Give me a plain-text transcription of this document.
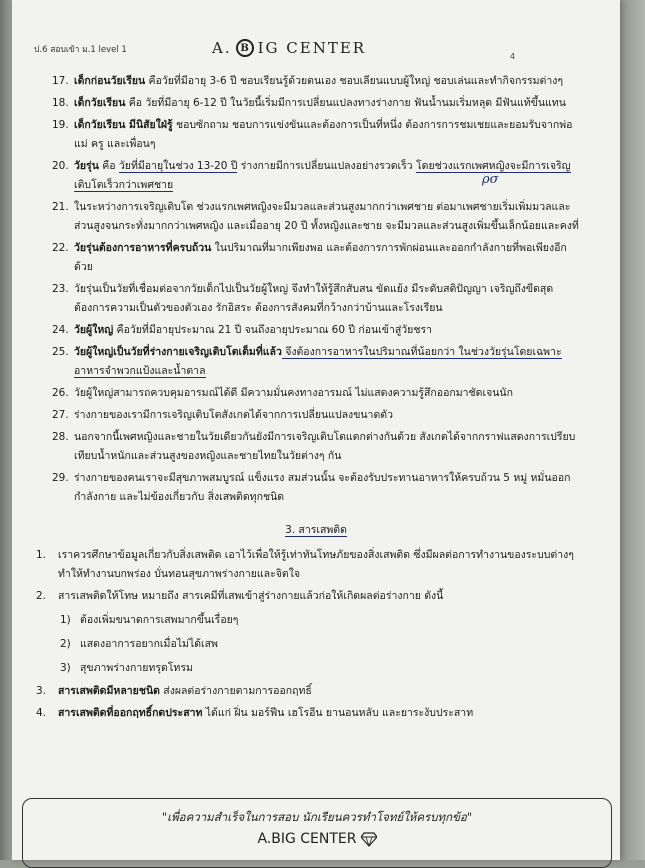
ป.6 สอบเข้า ม.1 level 1	A. B IG CENTER	4
ρσ
17. เด็กก่อนวัยเรียน คือวัยที่มีอายุ 3-6 ปี ชอบเรียนรู้ด้วยตนเอง ชอบเลียนแบบผู้ใหญ่ ชอบเล่นและทำกิจกรรมต่างๆ
18. เด็กวัยเรียน คือ วัยที่มีอายุ 6-12 ปี ในวัยนี้เริ่มมีการเปลี่ยนแปลงทางร่างกาย ฟันน้ำนมเริ่มหลุด มีฟันแท้ขึ้นแทน
19. เด็กวัยเรียน มีนิสัยใฝ่รู้ ชอบซักถาม ชอบการแข่งขันและต้องการเป็นที่หนึ่ง ต้องการการชมเชยและยอมรับจากพ่อแม่ ครู และเพื่อนๆ
20. วัยรุ่น คือ วัยที่มีอายุในช่วง 13-20 ปี ร่างกายมีการเปลี่ยนแปลงอย่างรวดเร็ว โดยช่วงแรกเพศหญิงจะมีการเจริญเติบโตเร็วกว่าเพศชาย
21. ในระหว่างการเจริญเติบโต ช่วงแรกเพศหญิงจะมีมวลและส่วนสูงมากกว่าเพศชาย ต่อมาเพศชายเริ่มเพิ่มมวลและส่วนสูงจนกระทั่งมากกว่าเพศหญิง และเมื่ออายุ 20 ปี ทั้งหญิงและชาย จะมีมวลและส่วนสูงเพิ่มขึ้นเล็กน้อยและคงที่
22. วัยรุ่นต้องการอาหารที่ครบถ้วน ในปริมาณที่มากเพียงพอ และต้องการการพักผ่อนและออกกำลังกายที่พอเพียงอีกด้วย
23. วัยรุ่นเป็นวัยที่เชื่อมต่อจากวัยเด็กไปเป็นวัยผู้ใหญ่ จึงทำให้รู้สึกสับสน ขัดแย้ง มีระดับสติปัญญา เจริญถึงขีดสุด ต้องการความเป็นตัวของตัวเอง รักอิสระ ต้องการสังคมที่กว้างกว่าบ้านและโรงเรียน
24. วัยผู้ใหญ่ คือวัยที่มีอายุประมาณ 21 ปี จนถึงอายุประมาณ 60 ปี ก่อนเข้าสู่วัยชรา
25. วัยผู้ใหญ่เป็นวัยที่ร่างกายเจริญเติบโตเต็มที่แล้ว จึงต้องการอาหารในปริมาณที่น้อยกว่า ในช่วงวัยรุ่นโดยเฉพาะอาหารจำพวกแป้งและน้ำตาล
26. วัยผู้ใหญ่สามารถควบคุมอารมณ์ได้ดี มีความมั่นคงทางอารมณ์ ไม่แสดงความรู้สึกออกมาชัดเจนนัก
27. ร่างกายของเรามีการเจริญเติบโตสังเกตได้จากการเปลี่ยนแปลงขนาดตัว
28. นอกจากนี้เพศหญิงและชายในวัยเดียวกันยังมีการเจริญเติบโตแตกต่างกันด้วย สังเกตได้จากกราฟแสดงการเปรียบเทียบน้ำหนักและส่วนสูงของหญิงและชายไทยในวัยต่างๆ กัน
29. ร่างกายของคนเราจะมีสุขภาพสมบูรณ์ แข็งแรง สมส่วนนั้น จะต้องรับประทานอาหารให้ครบถ้วน 5 หมู่ หมั่นออกกำลังกาย และไม่ข้องเกี่ยวกับ สิ่งเสพติดทุกชนิด
3. สารเสพติด
1. เราควรศึกษาข้อมูลเกี่ยวกับสิ่งเสพติด เอาไว้เพื่อให้รู้เท่าทันโทษภัยของสิ่งเสพติด ซึ่งมีผลต่อการทำงานของระบบต่างๆ ทำให้ทำงานบกพร่อง บั่นทอนสุขภาพร่างกายและจิตใจ
2. สารเสพติดให้โทษ หมายถึง สารเคมีที่เสพเข้าสู่ร่างกายแล้วก่อให้เกิดผลต่อร่างกาย ดังนี้
1) ต้องเพิ่มขนาดการเสพมากขึ้นเรื่อยๆ
2) แสดงอาการอยากเมื่อไม่ได้เสพ
3) สุขภาพร่างกายทรุดโทรม
3. สารเสพติดมีหลายชนิด ส่งผลต่อร่างกายตามการออกฤทธิ์
4. สารเสพติดที่ออกฤทธิ์กดประสาท ได้แก่ ฝิ่น มอร์ฟีน เฮโรอีน ยานอนหลับ และยาระงับประสาท
"เพื่อความสำเร็จในการสอบ นักเรียนควรทำโจทย์ให้ครบทุกข้อ"
A.BIG CENTER
